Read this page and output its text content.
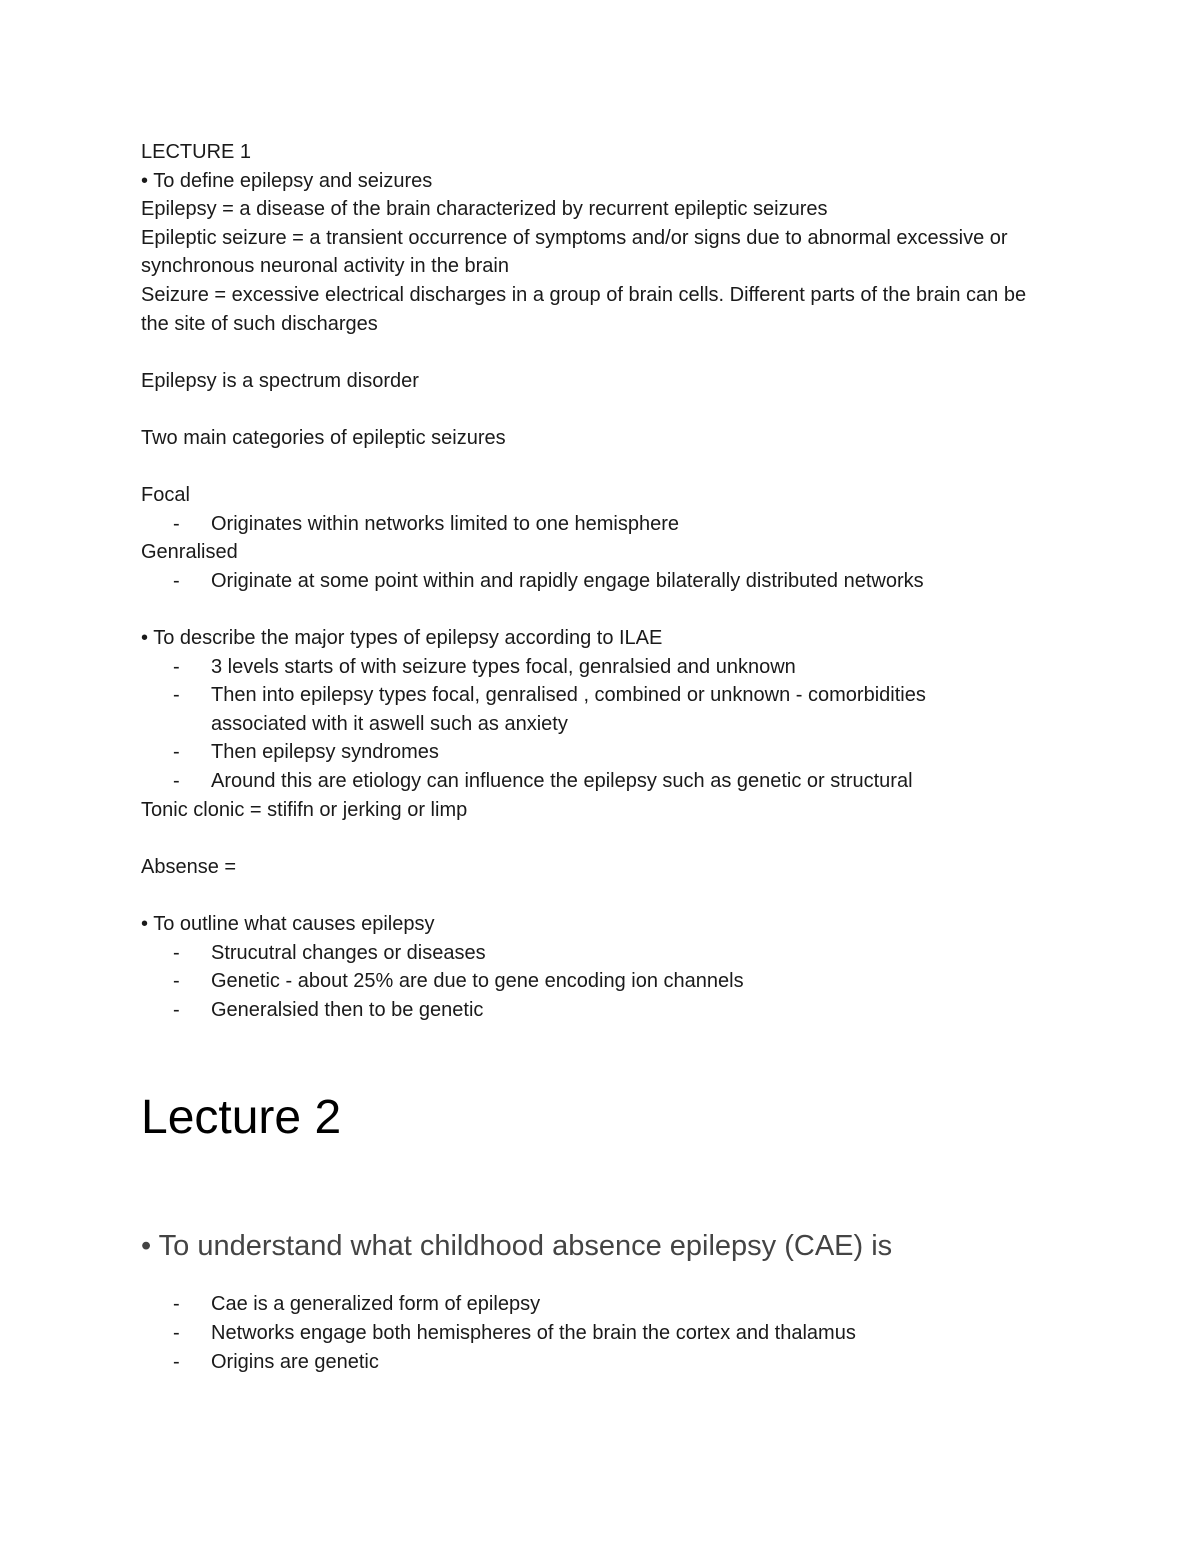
LECTURE 1
• To define epilepsy and seizures
Epilepsy = a disease of the brain characterized by recurrent epileptic seizures
Epileptic seizure = a transient occurrence of symptoms and/or signs due to abnormal excessive or synchronous neuronal activity in the brain
Seizure = excessive electrical discharges in a group of brain cells. Different parts of the brain can be the site of such discharges
Epilepsy is a spectrum disorder
Two main categories of epileptic seizures
Focal
- Originates within networks limited to one hemisphere
Genralised
- Originate at some point within and rapidly engage bilaterally distributed networks
• To describe the major types of epilepsy according to ILAE
- 3 levels starts of with seizure types focal, genralsied and unknown
- Then into epilepsy types focal, genralised , combined or unknown - comorbidities associated with it aswell such as anxiety
- Then epilepsy syndromes
- Around this are etiology can influence the epilepsy such as genetic or structural
Tonic clonic = stififn or jerking or limp
Absense =
• To outline what causes epilepsy
- Strucutral changes or diseases
- Genetic - about 25% are due to gene encoding ion channels
- Generalsied then to be genetic
Lecture 2
• To understand what childhood absence epilepsy (CAE) is
- Cae is a generalized form of epilepsy
- Networks engage both hemispheres of the brain the cortex and thalamus
- Origins are genetic
